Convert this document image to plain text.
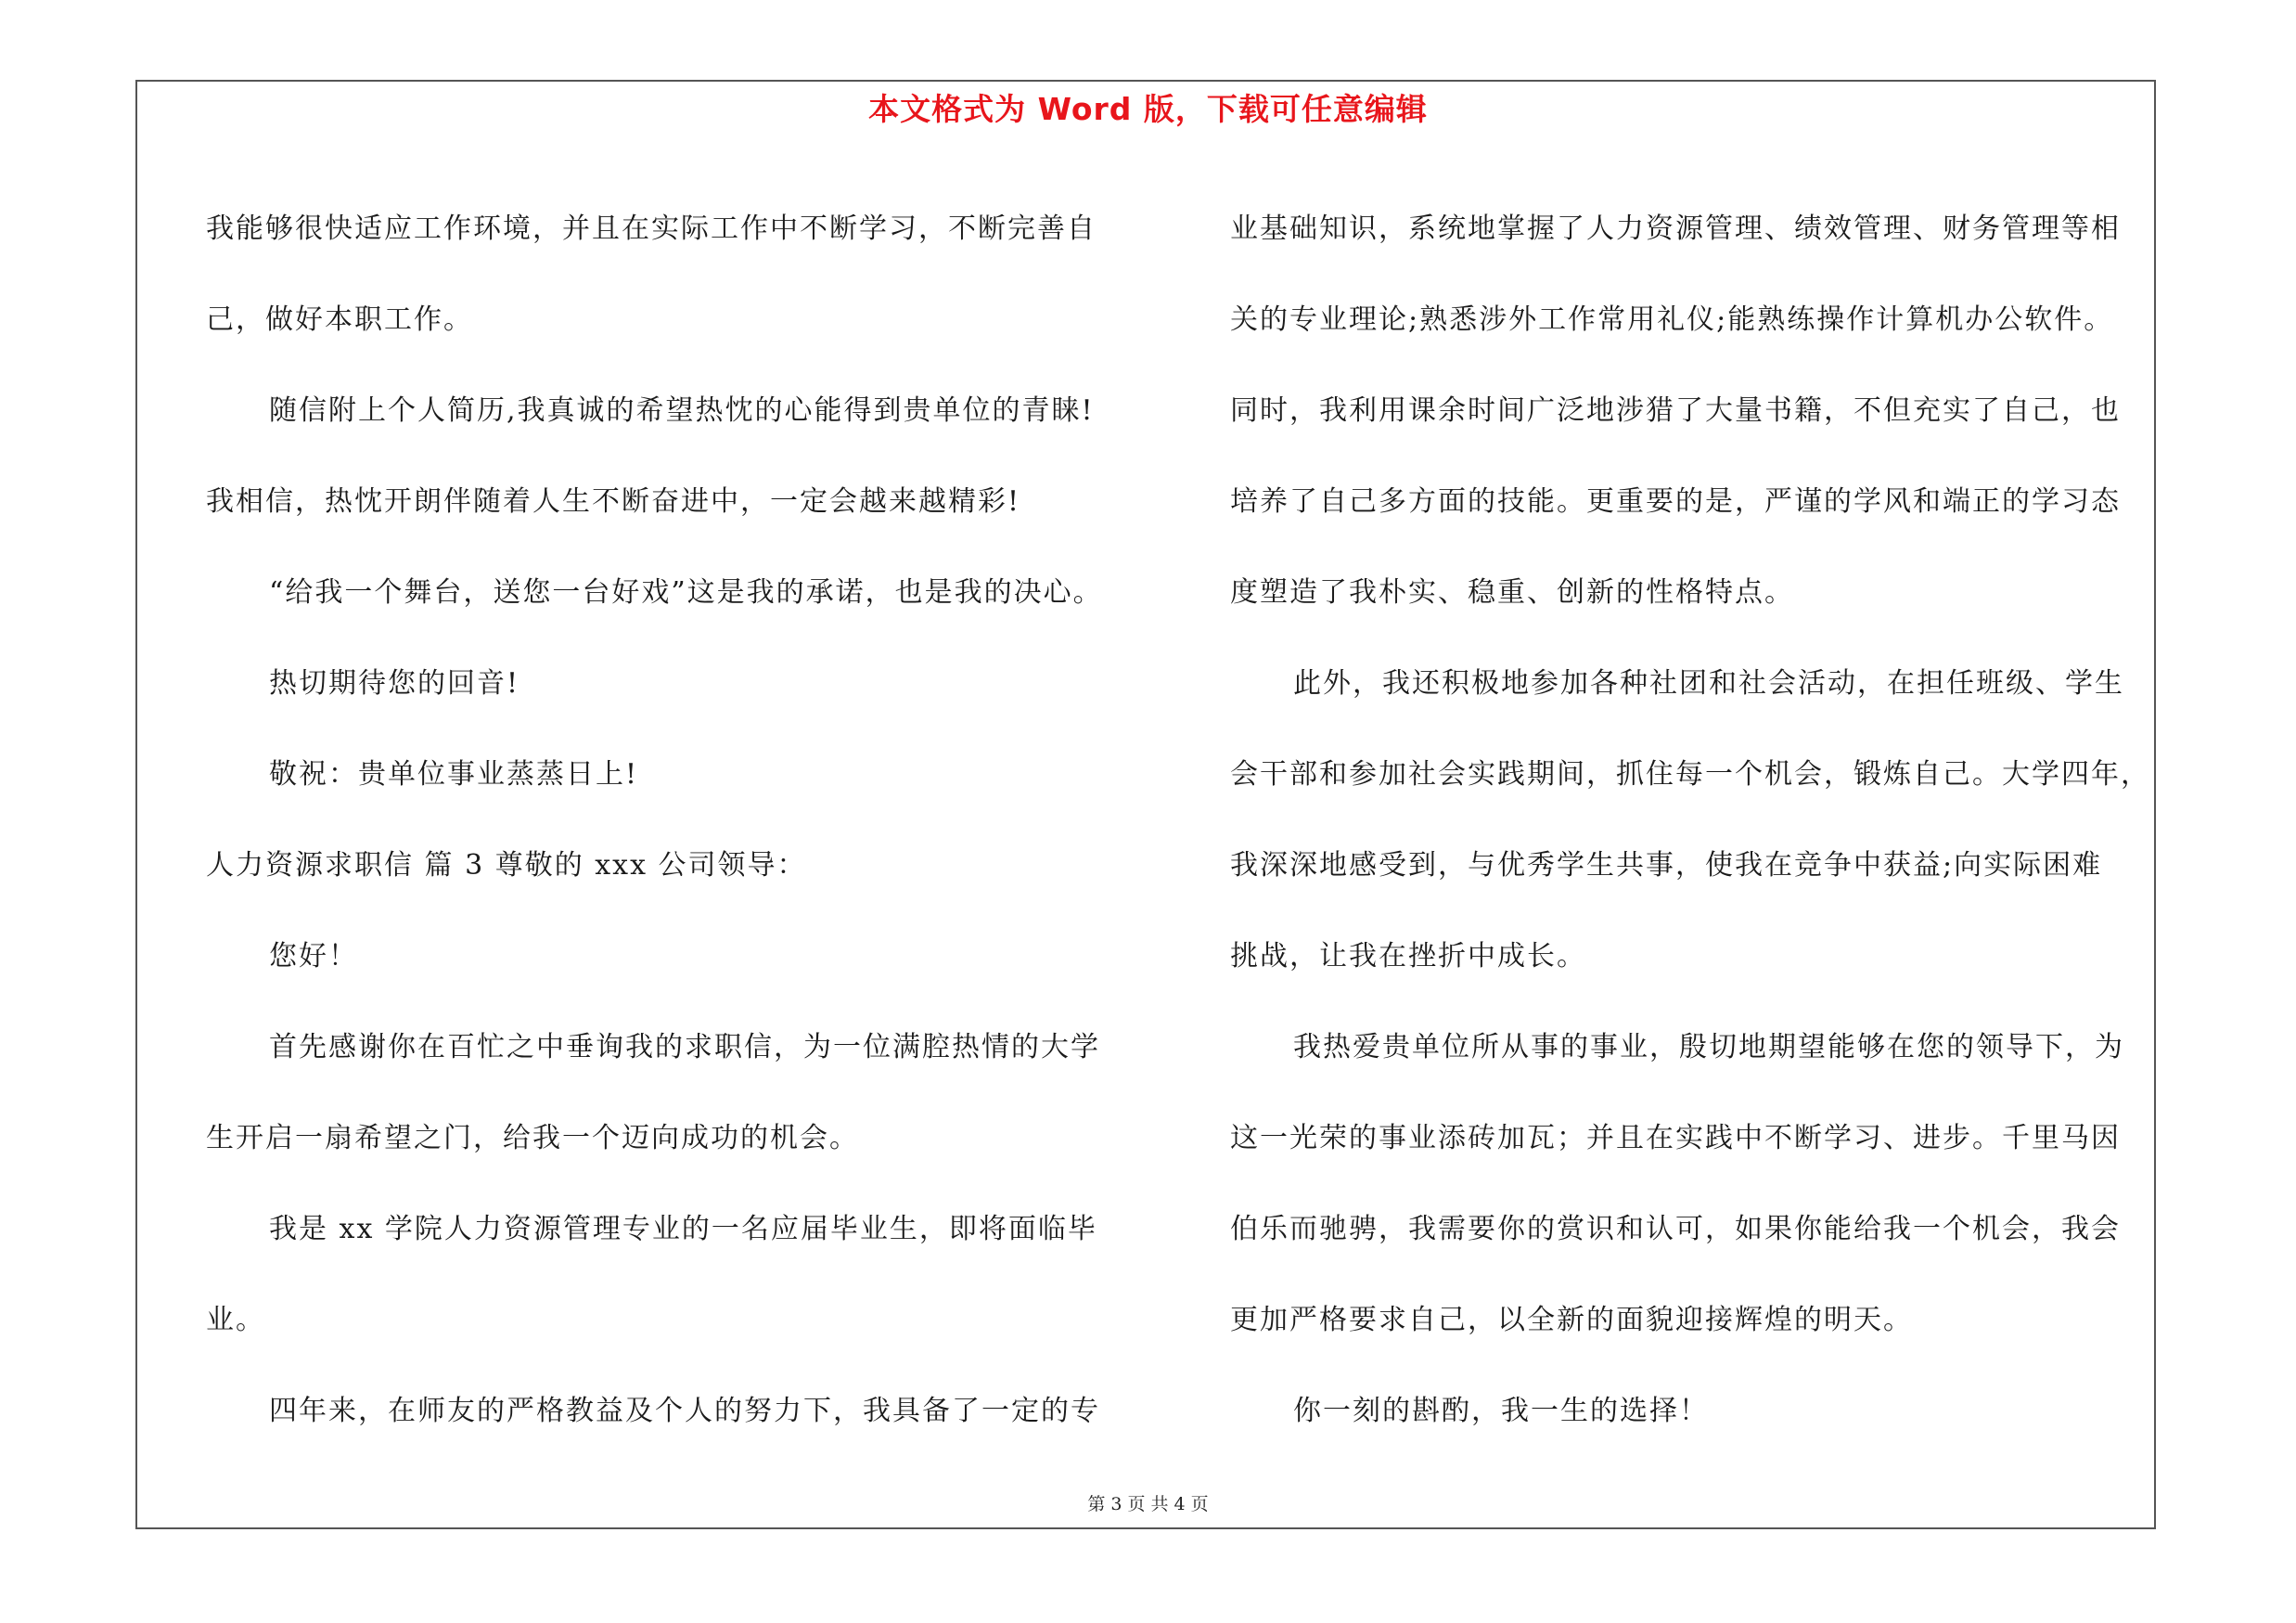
本文格式为 Word 版，下载可任意编辑
我能够很快适应工作环境，并且在实际工作中不断学习，不断完善自
己，做好本职工作。
随信附上个人简历,我真诚的希望热忱的心能得到贵单位的青睐!
我相信，热忱开朗伴随着人生不断奋进中，一定会越来越精彩!
“给我一个舞台，送您一台好戏”这是我的承诺，也是我的决心。
热切期待您的回音!
敬祝：贵单位事业蒸蒸日上!
人力资源求职信 篇 3 尊敬的 xxx 公司领导：
您好！
首先感谢你在百忙之中垂询我的求职信，为一位满腔热情的大学
生开启一扇希望之门，给我一个迈向成功的机会。
我是 xx 学院人力资源管理专业的一名应届毕业生，即将面临毕
业。
四年来，在师友的严格教益及个人的努力下，我具备了一定的专
业基础知识，系统地掌握了人力资源管理、绩效管理、财务管理等相
关的专业理论;熟悉涉外工作常用礼仪;能熟练操作计算机办公软件。
同时，我利用课余时间广泛地涉猎了大量书籍，不但充实了自己，也
培养了自己多方面的技能。更重要的是，严谨的学风和端正的学习态
度塑造了我朴实、稳重、创新的性格特点。
此外，我还积极地参加各种社团和社会活动，在担任班级、学生
会干部和参加社会实践期间，抓住每一个机会，锻炼自己。大学四年，
我深深地感受到，与优秀学生共事，使我在竞争中获益;向实际困难
挑战，让我在挫折中成长。
我热爱贵单位所从事的事业，殷切地期望能够在您的领导下，为
这一光荣的事业添砖加瓦；并且在实践中不断学习、进步。千里马因
伯乐而驰骋，我需要你的赏识和认可，如果你能给我一个机会，我会
更加严格要求自己，以全新的面貌迎接辉煌的明天。
你一刻的斟酌，我一生的选择！
第 3 页 共 4 页
